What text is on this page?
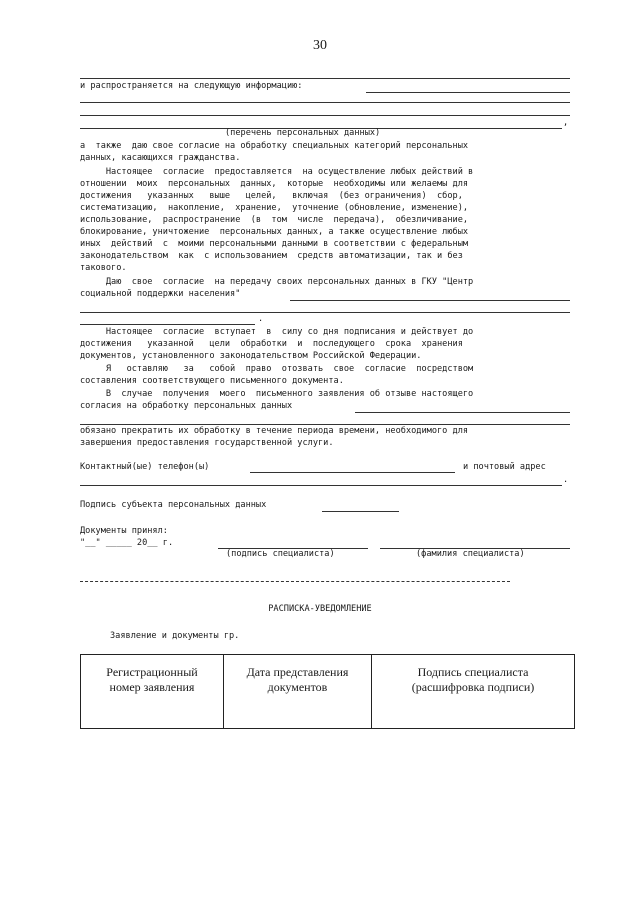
30
и распространяется на следующую информацию:
,
(перечень персональных данных)
а  также  даю свое согласие на обработку специальных категорий персональных
данных, касающихся гражданства.
Настоящее  согласие  предоставляется  на осуществление любых действий в
отношении  моих  персональных  данных,  которые  необходимы или желаемы для
достижения   указанных   выше   целей,   включая  (без ограничения)  сбор,
систематизацию,  накопление,  хранение,  уточнение (обновление, изменение),
использование,  распространение  (в  том  числе  передача),  обезличивание,
блокирование, уничтожение  персональных данных, а также осуществление любых
иных  действий  с  моими персональными данными в соответствии с федеральным
законодательством  как  с использованием  средств автоматизации, так и без
такового.
Даю  свое  согласие  на передачу своих персональных данных в ГКУ "Центр
социальной поддержки населения"
.
Настоящее  согласие  вступает  в  силу со дня подписания и действует до
достижения   указанной   цели  обработки  и  последующего  срока  хранения
документов, установленного законодательством Российской Федерации.
Я   оставляю   за   собой  право  отозвать  свое  согласие  посредством
составления соответствующего письменного документа.
В  случае  получения  моего  письменного заявления об отзыве настоящего
согласия на обработку персональных данных
обязано прекратить их обработку в течение периода времени, необходимого для
завершения предоставления государственной услуги.
Контактный(ые) телефон(ы)	и почтовый адрес
.
Подпись субъекта персональных данных
Документы принял:
"__" _____ 20__ г.
(подпись специалиста)	(фамилия специалиста)
РАСПИСКА-УВЕДОМЛЕНИЕ
Заявление и документы гр.
Регистрационный
номер заявления

Дата представления
документов

Подпись специалиста
(расшифровка подписи)
